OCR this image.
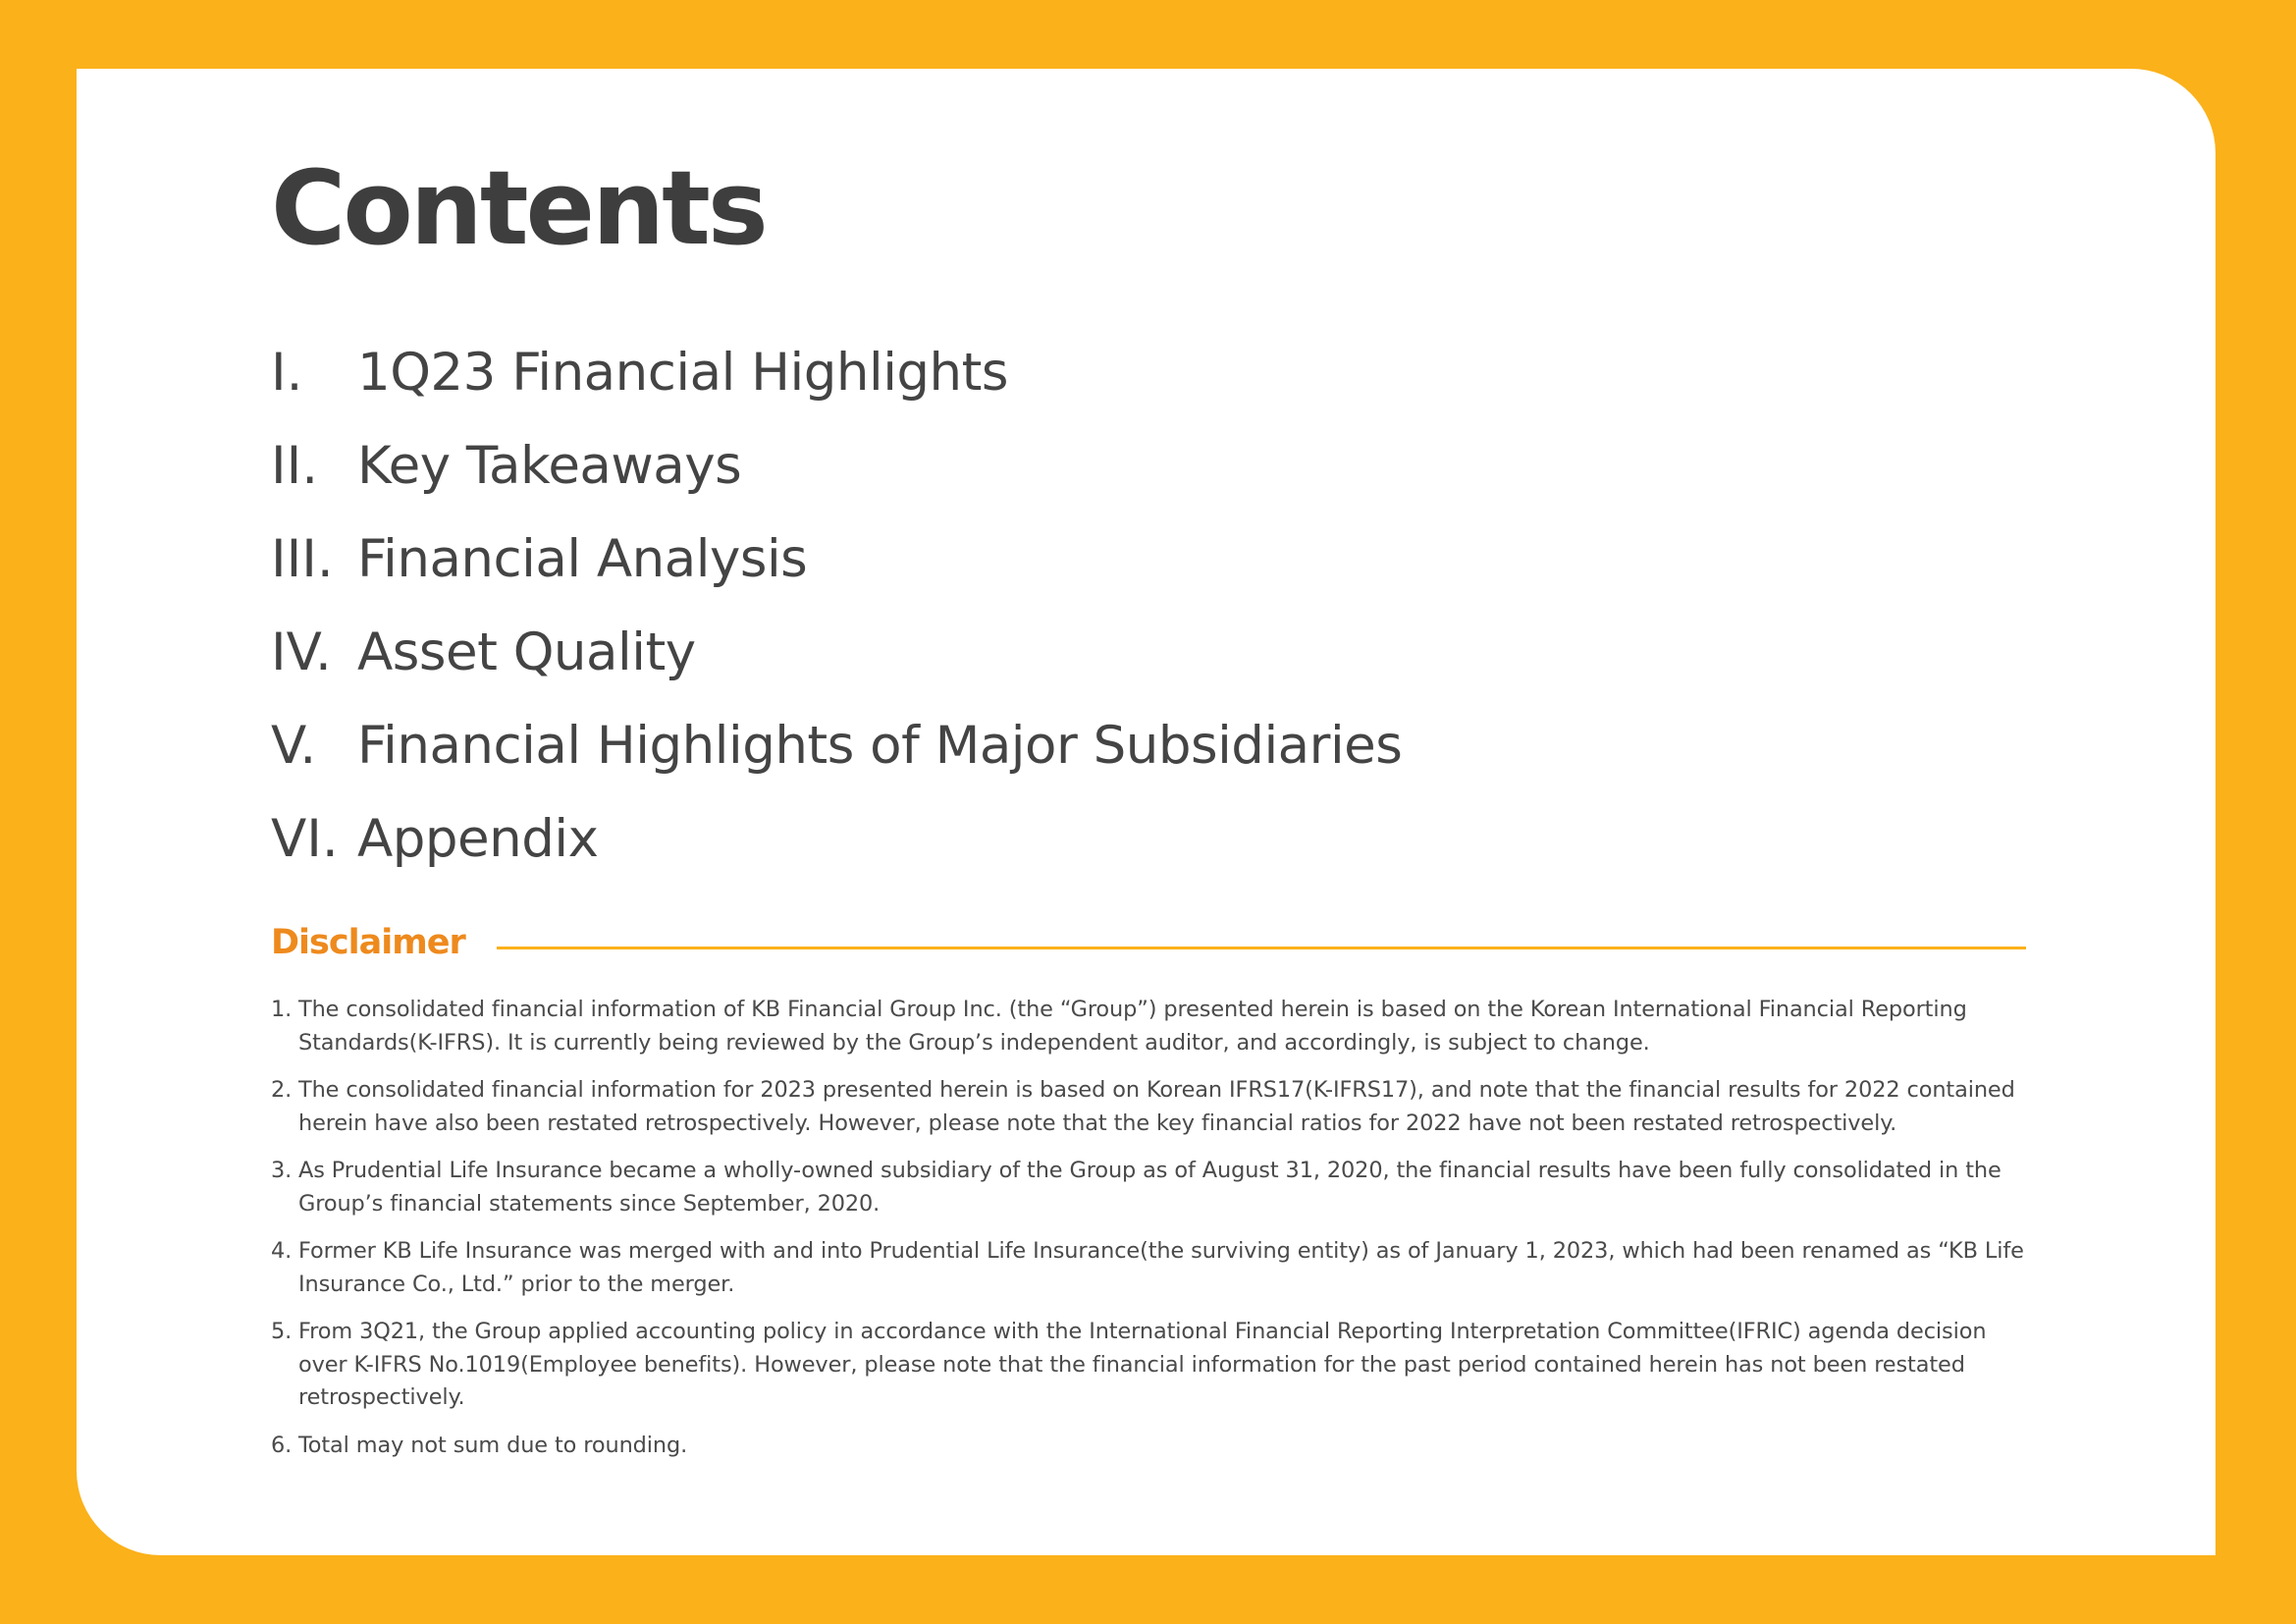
Contents
I.	1Q23 Financial Highlights
II. Key Takeaways
III. Financial Analysis
IV. Asset Quality
V. Financial Highlights of Major Subsidiaries
VI. Appendix
Disclaimer
1. The consolidated financial information of KB Financial Group Inc. (the “Group”) presented herein is based on the Korean International Financial Reporting Standards(K-IFRS). It is currently being reviewed by the Group’s independent auditor, and accordingly, is subject to change.
2. The consolidated financial information for 2023 presented herein is based on Korean IFRS17(K-IFRS17), and note that the financial results for 2022 contained herein have also been restated retrospectively. However, please note that the key financial ratios for 2022 have not been restated retrospectively.
3. As Prudential Life Insurance became a wholly-owned subsidiary of the Group as of August 31, 2020, the financial results have been fully consolidated in the Group’s financial statements since September, 2020.
4. Former KB Life Insurance was merged with and into Prudential Life Insurance(the surviving entity) as of January 1, 2023, which had been renamed as “KB Life Insurance Co., Ltd.” prior to the merger.
5. From 3Q21, the Group applied accounting policy in accordance with the International Financial Reporting Interpretation Committee(IFRIC) agenda decision over K-IFRS No.1019(Employee benefits). However, please note that the financial information for the past period contained herein has not been restated retrospectively.
6. Total may not sum due to rounding.
